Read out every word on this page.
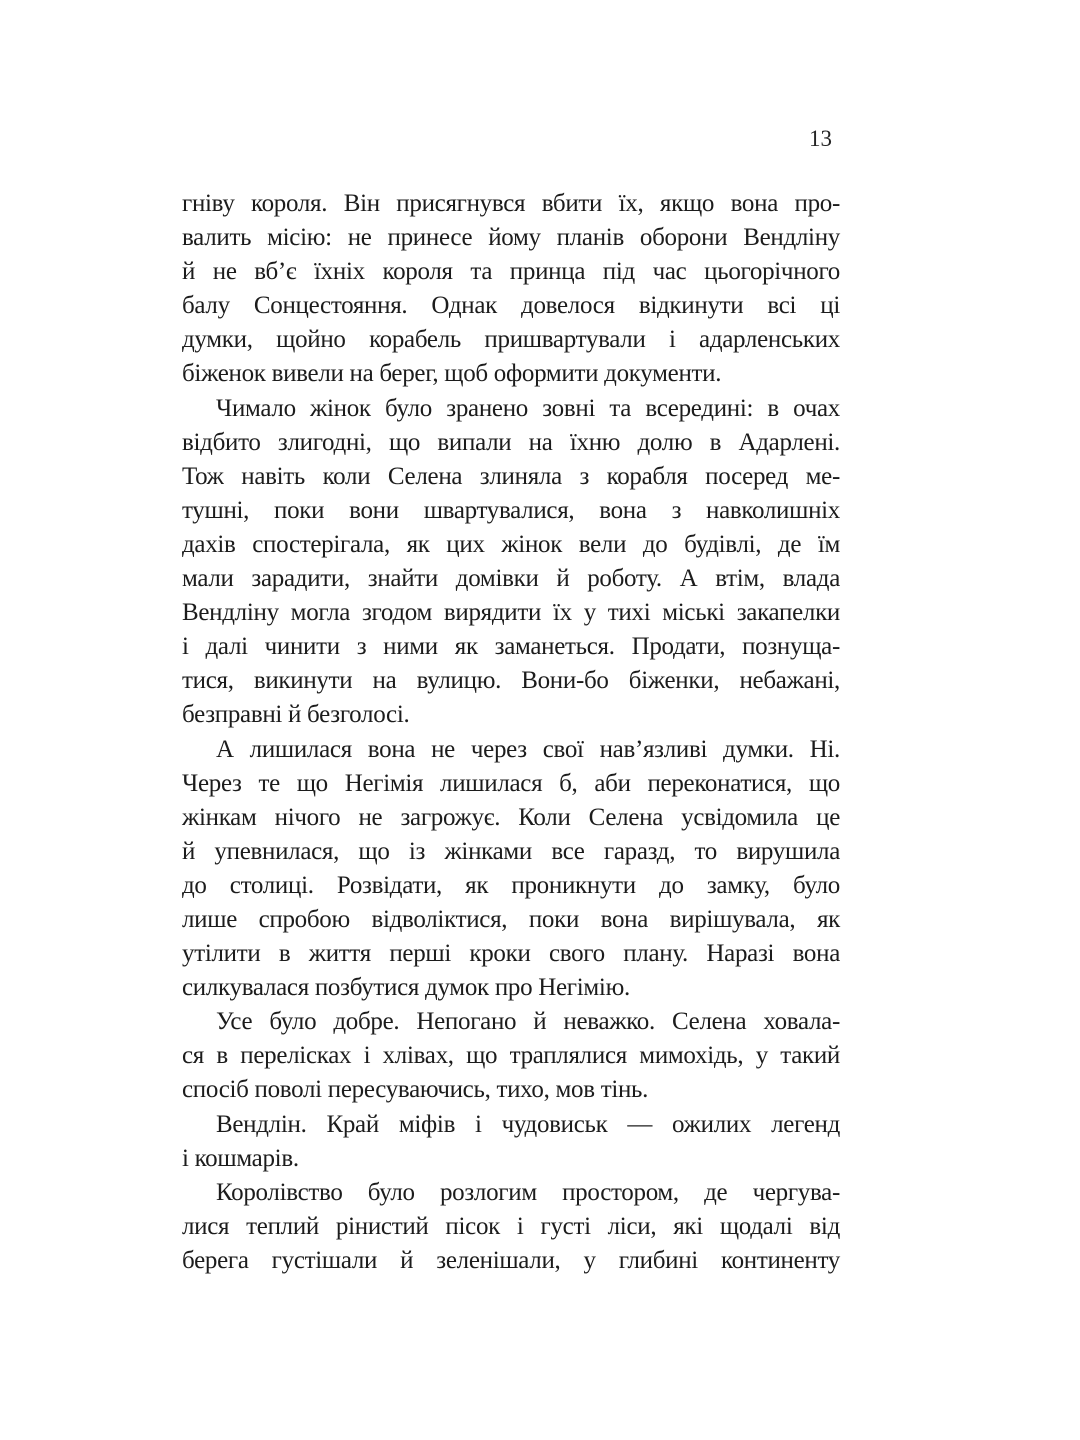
13
гніву короля. Він присягнувся вбити їх, якщо вона про-
валить місію: не принесе йому планів оборони Вендліну
й не вб’є їхніх короля та принца під час цьогорічного
балу Сонцестояння. Однак довелося відкинути всі ці
думки, щойно корабель пришвартували і адарленських
біженок вивели на берег, щоб оформити документи.
Чимало жінок було зранено зовні та всередині: в очах
відбито злигодні, що випали на їхню долю в Адарлені.
Тож навіть коли Селена злиняла з корабля посеред ме-
тушні, поки вони швартувалися, вона з навколишніх
дахів спостерігала, як цих жінок вели до будівлі, де їм
мали зарадити, знайти домівки й роботу. А втім, влада
Вендліну могла згодом вирядити їх у тихі міські закапелки
і далі чинити з ними як заманеться. Продати, познуща-
тися, викинути на вулицю. Вони-бо біженки, небажані,
безправні й безголосі.
А лишилася вона не через свої нав’язливі думки. Ні.
Через те що Негімія лишилася б, аби переконатися, що
жінкам нічого не загрожує. Коли Селена усвідомила це
й упевнилася, що із жінками все гаразд, то вирушила
до столиці. Розвідати, як проникнути до замку, було
лише спробою відволіктися, поки вона вирішувала, як
утілити в життя перші кроки свого плану. Наразі вона
силкувалася позбутися думок про Негімію.
Усе було добре. Непогано й неважко. Селена ховала-
ся в перелісках і хлівах, що траплялися мимохідь, у такий
спосіб поволі пересуваючись, тихо, мов тінь.
Вендлін. Край міфів і чудовиськ — ожилих легенд
і кошмарів.
Королівство було розлогим простором, де чергува-
лися теплий рінистий пісок і густі ліси, які щодалі від
берега густішали й зеленішали, у глибині континенту
